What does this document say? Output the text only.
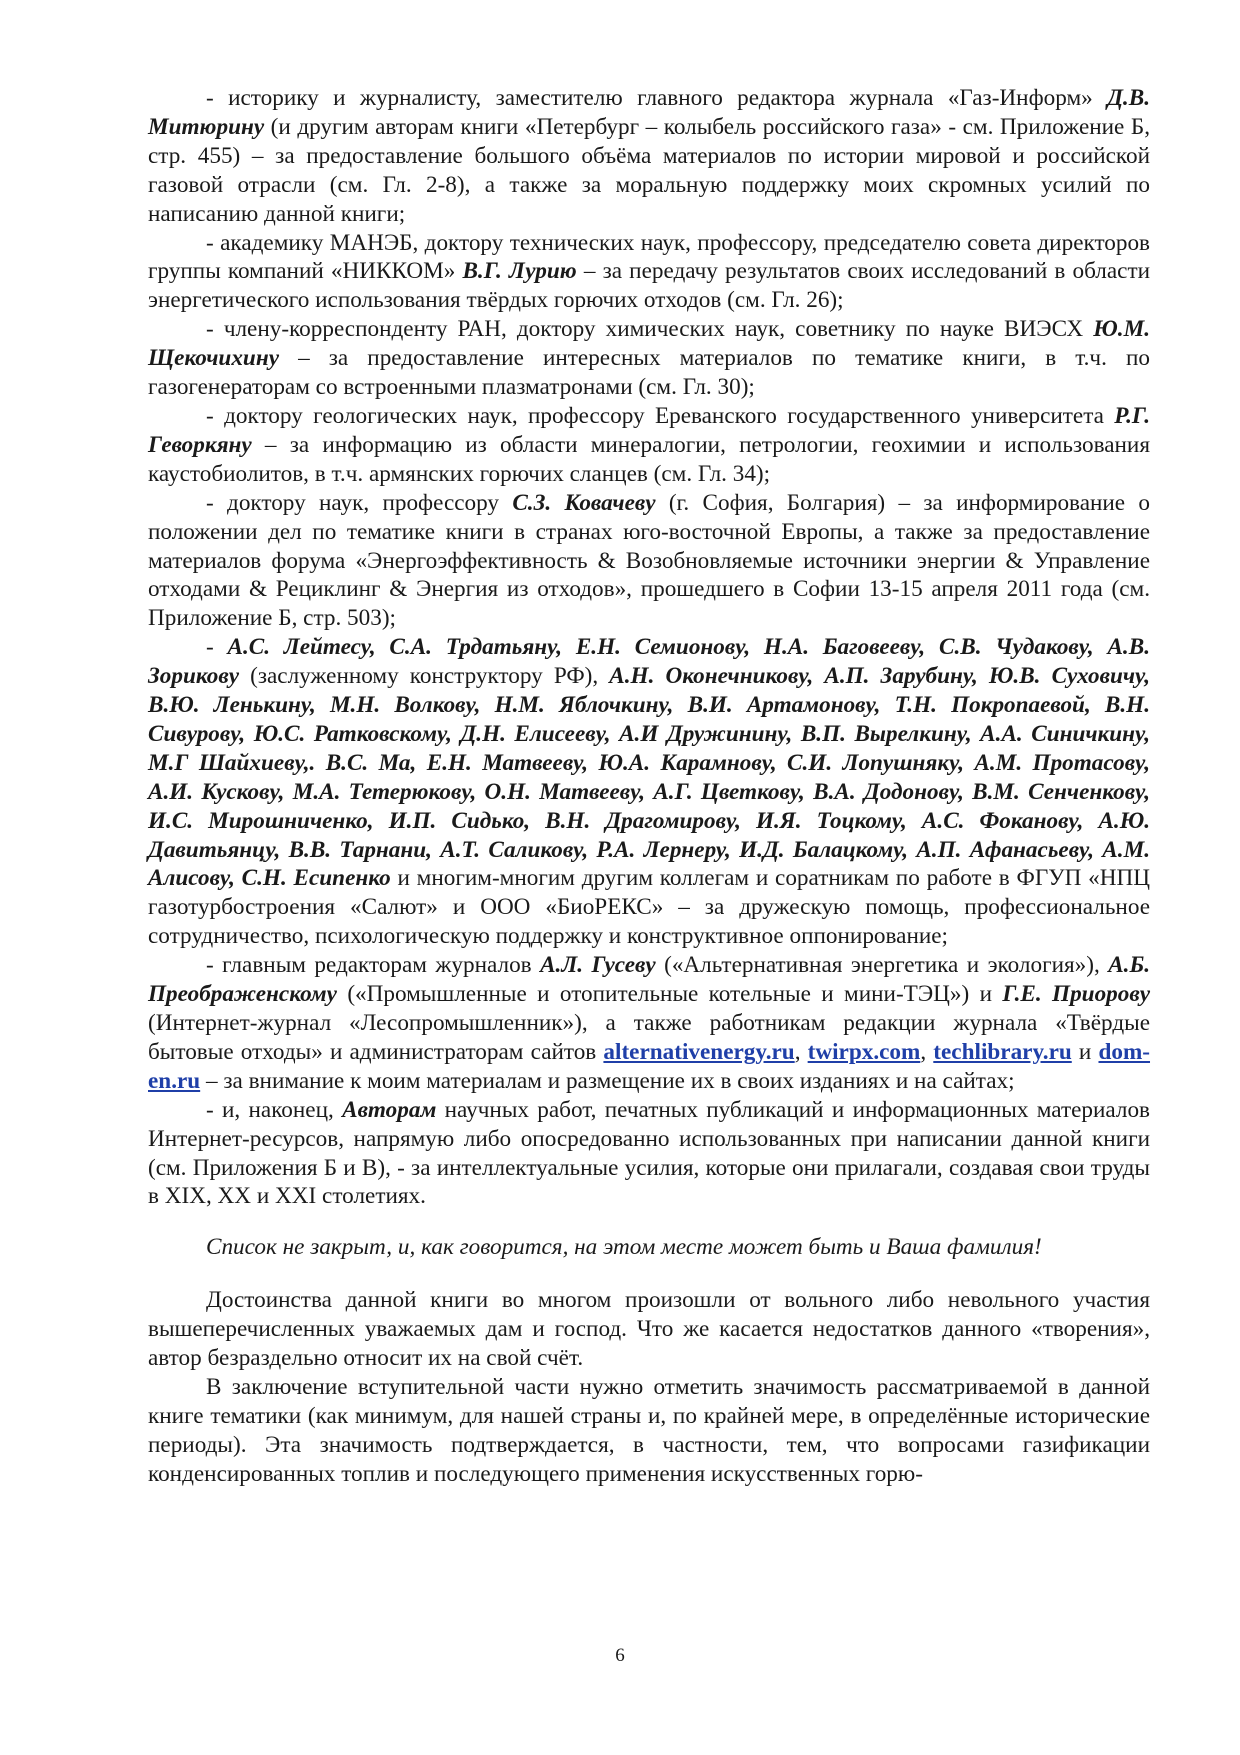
- историку и журналисту, заместителю главного редактора журнала «Газ-Информ» Д.В. Митюрину (и другим авторам книги «Петербург – колыбель российского газа» - см. Приложение Б, стр. 455) – за предоставление большого объёма материалов по истории мировой и российской газовой отрасли (см. Гл. 2-8), а также за моральную поддержку моих скромных усилий по написанию данной книги;

- академику МАНЭБ, доктору технических наук, профессору, председателю совета директоров группы компаний «НИККОМ» В.Г. Лурию – за передачу результатов своих исследований в области энергетического использования твёрдых горючих отходов (см. Гл. 26);

- члену-корреспонденту РАН, доктору химических наук, советнику по науке ВИЭСХ Ю.М. Щекочихину – за предоставление интересных материалов по тематике книги, в т.ч. по газогенераторам со встроенными плазматронами (см. Гл. 30);

- доктору геологических наук, профессору Ереванского государственного университета Р.Г. Геворкяну – за информацию из области минералогии, петрологии, геохимии и использования каустобиолитов, в т.ч. армянских горючих сланцев (см. Гл. 34);

- доктору наук, профессору С.З. Ковачеву (г. София, Болгария) – за информирование о положении дел по тематике книги в странах юго-восточной Европы, а также за предоставление материалов форума «Энергоэффективность & Возобновляемые источники энергии & Управление отходами & Рециклинг & Энергия из отходов», прошедшего в Софии 13-15 апреля 2011 года (см. Приложение Б, стр. 503);

- А.С. Лейтесу, С.А. Трдатьяну, Е.Н. Семионову, Н.А. Баговееву, С.В. Чудакову, А.В. Зорикову (заслуженному конструктору РФ), А.Н. Оконечникову, А.П. Зарубину, Ю.В. Суховичу, В.Ю. Ленькину, М.Н. Волкову, Н.М. Яблочкину, В.И. Артамонову, Т.Н. Покропаевой, В.Н. Сивурову, Ю.С. Ратковскому, Д.Н. Елисееву, А.И Дружинину, В.П. Вырелкину, А.А. Синичкину, М.Г Шайхиеву,. В.С. Ма, Е.Н. Матвееву, Ю.А. Карамнову, С.И. Лопушняку, А.М. Протасову, А.И. Кускову, М.А. Тетерюкову, О.Н. Матвееву, А.Г. Цветкову, В.А. Додонову, В.М. Сенченкову, И.С. Мирошниченко, И.П. Сидько, В.Н. Драгомирову, И.Я. Тоцкому, А.С. Фоканову, А.Ю. Давитьянцу, В.В. Тарнани, А.Т. Саликову, Р.А. Лернеру, И.Д. Балацкому, А.П. Афанасьеву, А.М. Алисову, С.Н. Есипенко и многим-многим другим коллегам и соратникам по работе в ФГУП «НПЦ газотурбостроения «Салют» и ООО «БиоРЕКС» – за дружескую помощь, профессиональное сотрудничество, психологическую поддержку и конструктивное оппонирование;

- главным редакторам журналов А.Л. Гусеву («Альтернативная энергетика и экология»), А.Б. Преображенскому («Промышленные и отопительные котельные и мини-ТЭЦ») и Г.Е. Приорову (Интернет-журнал «Лесопромышленник»), а также работникам редакции журнала «Твёрдые бытовые отходы» и администраторам сайтов alternativenergy.ru, twirpx.com, techlibrary.ru и dom-en.ru – за внимание к моим материалам и размещение их в своих изданиях и на сайтах;

- и, наконец, Авторам научных работ, печатных публикаций и информационных материалов Интернет-ресурсов, напрямую либо опосредованно использованных при написании данной книги (см. Приложения Б и В), - за интеллектуальные усилия, которые они прилагали, создавая свои труды в XIX, XX и XXI столетиях.

Список не закрыт, и, как говорится, на этом месте может быть и Ваша фамилия!

Достоинства данной книги во многом произошли от вольного либо невольного участия вышеперечисленных уважаемых дам и господ. Что же касается недостатков данного «творения», автор безраздельно относит их на свой счёт.

В заключение вступительной части нужно отметить значимость рассматриваемой в данной книге тематики (как минимум, для нашей страны и, по крайней мере, в определённые исторические периоды). Эта значимость подтверждается, в частности, тем, что вопросами газификации конденсированных топлив и последующего применения искусственных горю-

6
